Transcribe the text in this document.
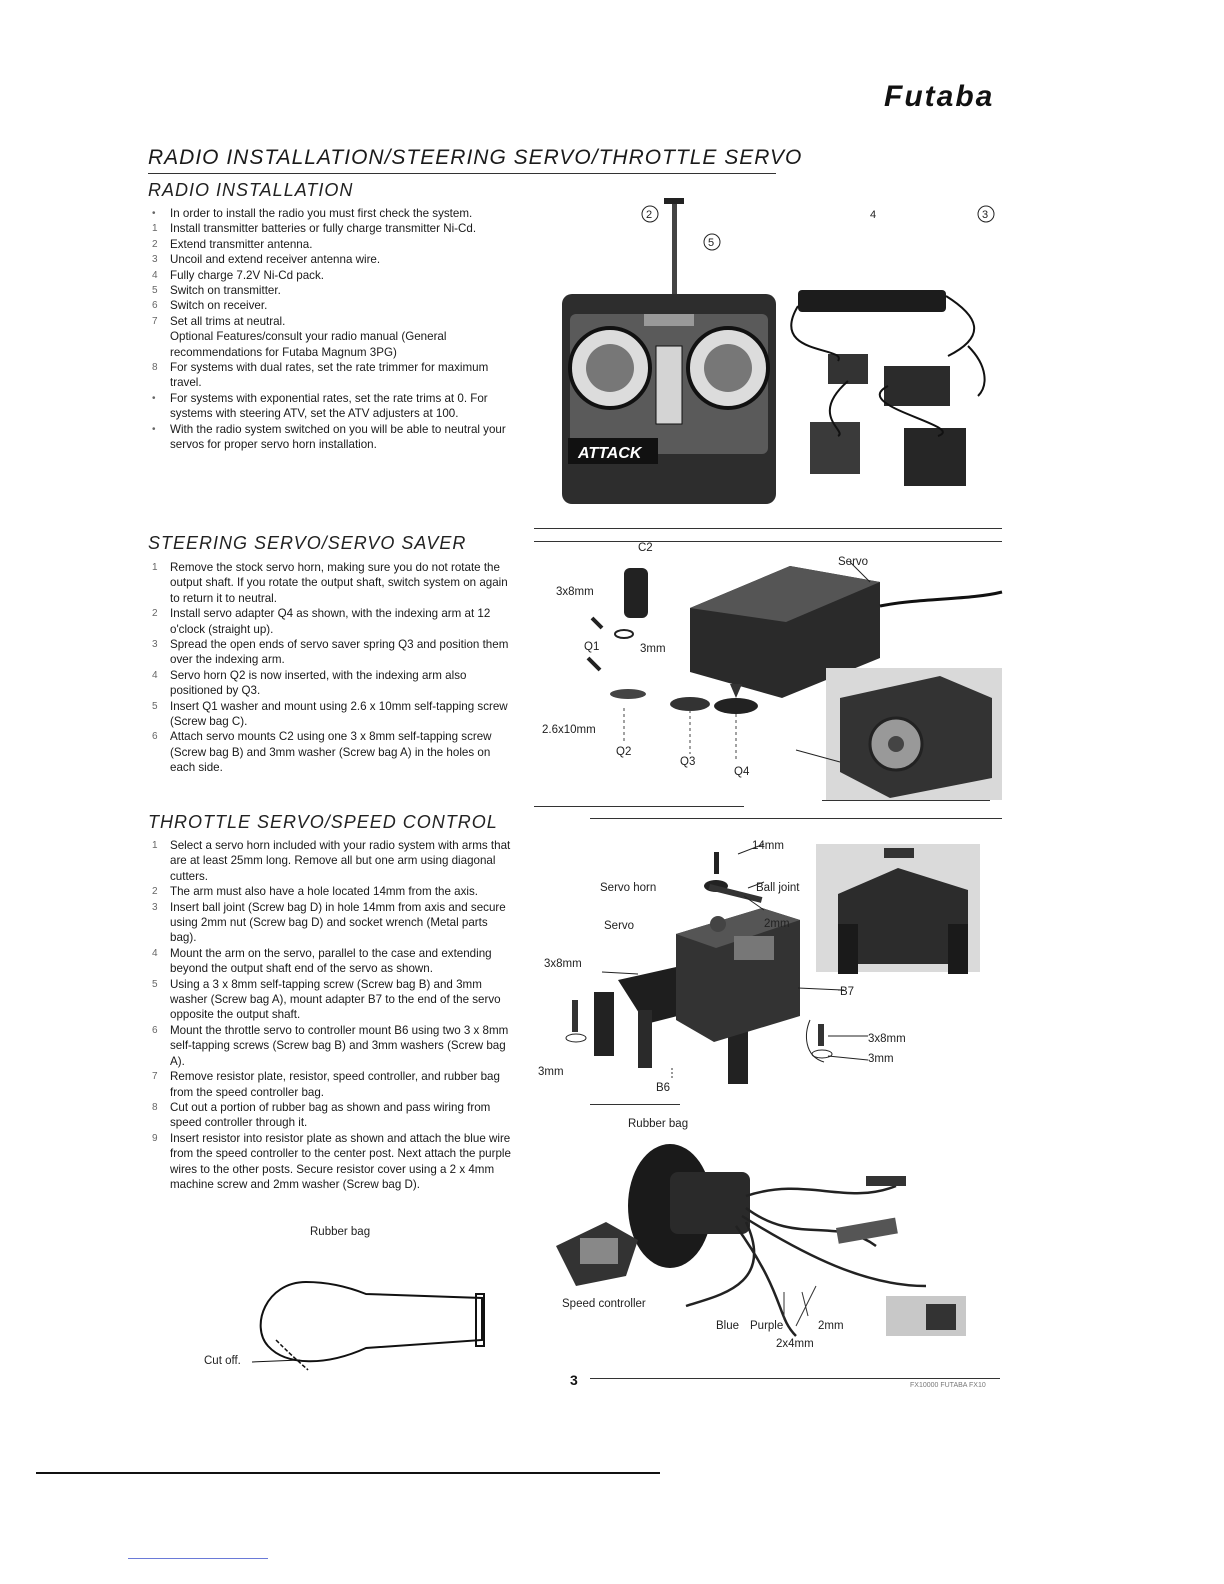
Futaba
RADIO INSTALLATION/STEERING SERVO/THROTTLE SERVO
RADIO INSTALLATION
• In order to install the radio you must first check the system.
1 Install transmitter batteries or fully charge transmitter Ni-Cd.
2 Extend transmitter antenna.
3 Uncoil and extend receiver antenna wire.
4 Fully charge 7.2V Ni-Cd pack.
5 Switch on transmitter.
6 Switch on receiver.
7 Set all trims at neutral.
Optional Features/consult your radio manual (General recommendations for Futaba Magnum 3PG)
8 For systems with dual rates, set the rate trimmer for maximum travel.
• For systems with exponential rates, set the rate trims at 0. For systems with steering ATV, set the ATV adjusters at 100.
• With the radio system switched on you will be able to neutral your servos for proper servo horn installation.
ATTACK
2	4	3
5
STEERING SERVO/SERVO SAVER
1 Remove the stock servo horn, making sure you do not rotate the output shaft. If you rotate the output shaft, switch system on again to return it to neutral.
2 Install servo adapter Q4 as shown, with the indexing arm at 12 o'clock (straight up).
3 Spread the open ends of servo saver spring Q3 and position them over the indexing arm.
4 Servo horn Q2 is now inserted, with the indexing arm also positioned by Q3.
5 Insert Q1 washer and mount using 2.6 x 10mm self-tapping screw (Screw bag C).
6 Attach servo mounts C2 using one 3 x 8mm self-tapping screw (Screw bag B) and 3mm washer (Screw bag A) in the holes on each side.
C2
Servo
3x8mm
Q1	3mm
2.6x10mm
Q2
Q3
Q4
THROTTLE SERVO/SPEED CONTROL
1 Select a servo horn included with your radio system with arms that are at least 25mm long. Remove all but one arm using diagonal cutters.
2 The arm must also have a hole located 14mm from the axis.
3 Insert ball joint (Screw bag D) in hole 14mm from axis and secure using 2mm nut (Screw bag D) and socket wrench (Metal parts bag).
4 Mount the arm on the servo, parallel to the case and extending beyond the output shaft end of the servo as shown.
5 Using a 3 x 8mm self-tapping screw (Screw bag B) and 3mm washer (Screw bag A), mount adapter B7 to the end of the servo opposite the output shaft.
6 Mount the throttle servo to controller mount B6 using two 3 x 8mm self-tapping screws (Screw bag B) and 3mm washers (Screw bag A).
7 Remove resistor plate, resistor, speed controller, and rubber bag from the speed controller bag.
8 Cut out a portion of rubber bag as shown and pass wiring from speed controller through it.
9 Insert resistor into resistor plate as shown and attach the blue wire from the speed controller to the center post. Next attach the purple wires to the other posts. Secure resistor cover using a 2 x 4mm machine screw and 2mm washer (Screw bag D).
14mm
Servo horn	Ball joint
Servo	2mm
3x8mm
B7
3x8mm
3mm
3mm
B6
Rubber bag
Speed controller
Blue Purple	2mm
2x4mm
Rubber bag
Cut off.
3	FX10000 FUTABA FX10
